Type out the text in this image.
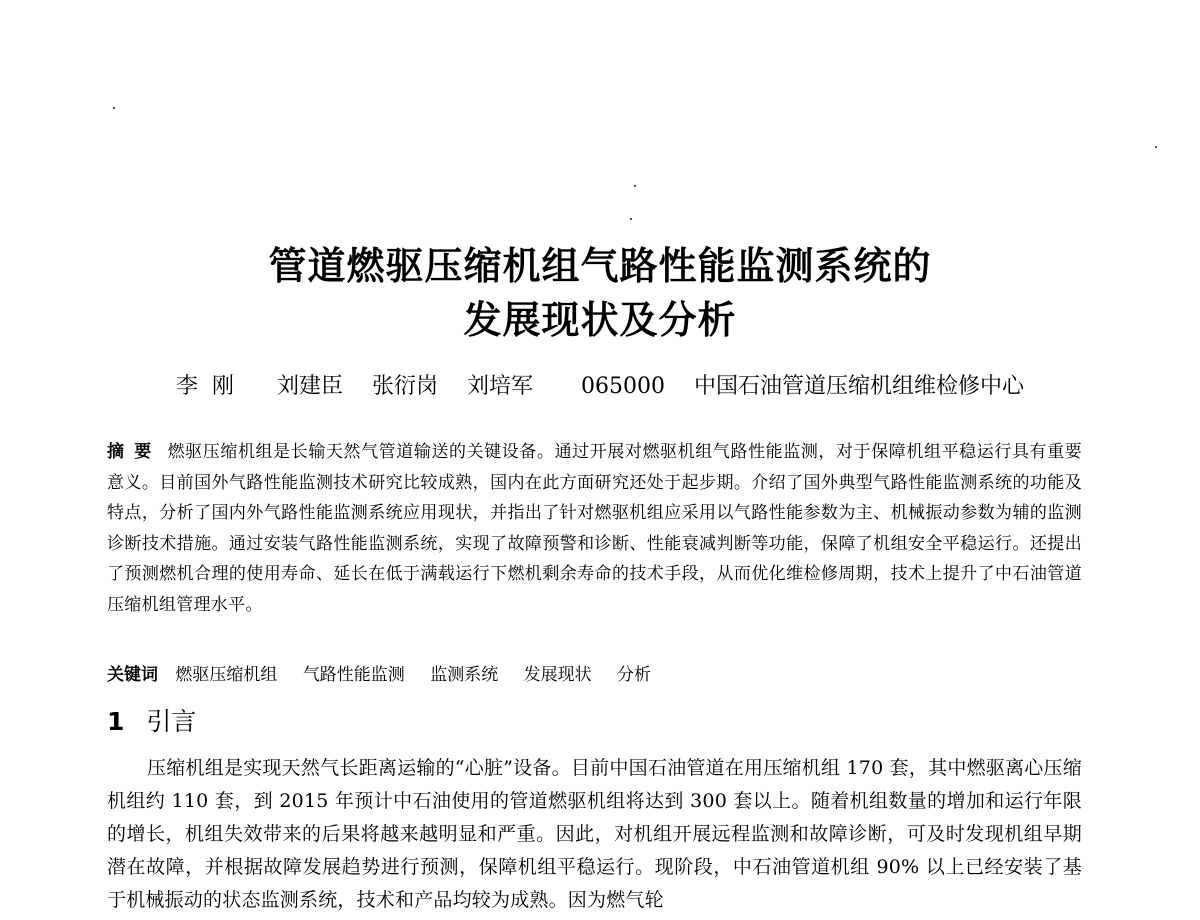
管道燃驱压缩机组气路性能监测系统的
发展现状及分析
李刚 刘建臣 张衍岗 刘培军 065000 中国石油管道压缩机组维检修中心
摘要 燃驱压缩机组是长输天然气管道输送的关键设备。通过开展对燃驱机组气路性能监测，对于保障机组平稳运行具有重要意义。目前国外气路性能监测技术研究比较成熟，国内在此方面研究还处于起步期。介绍了国外典型气路性能监测系统的功能及特点，分析了国内外气路性能监测系统应用现状，并指出了针对燃驱机组应采用以气路性能参数为主、机械振动参数为辅的监测诊断技术措施。通过安装气路性能监测系统，实现了故障预警和诊断、性能衰减判断等功能，保障了机组安全平稳运行。还提出了预测燃机合理的使用寿命、延长在低于满载运行下燃机剩余寿命的技术手段，从而优化维检修周期，技术上提升了中石油管道压缩机组管理水平。
关键词 燃驱压缩机组 气路性能监测 监测系统 发展现状 分析
1 引言
压缩机组是实现天然气长距离运输的“心脏”设备。目前中国石油管道在用压缩机组 170 套，其中燃驱离心压缩机组约 110 套，到 2015 年预计中石油使用的管道燃驱机组将达到 300 套以上。随着机组数量的增加和运行年限的增长，机组失效带来的后果将越来越明显和严重。因此，对机组开展远程监测和故障诊断，可及时发现机组早期潜在故障，并根据故障发展趋势进行预测，保障机组平稳运行。现阶段，中石油管道机组 90% 以上已经安装了基于机械振动的状态监测系统，技术和产品均较为成熟。因为燃气轮
